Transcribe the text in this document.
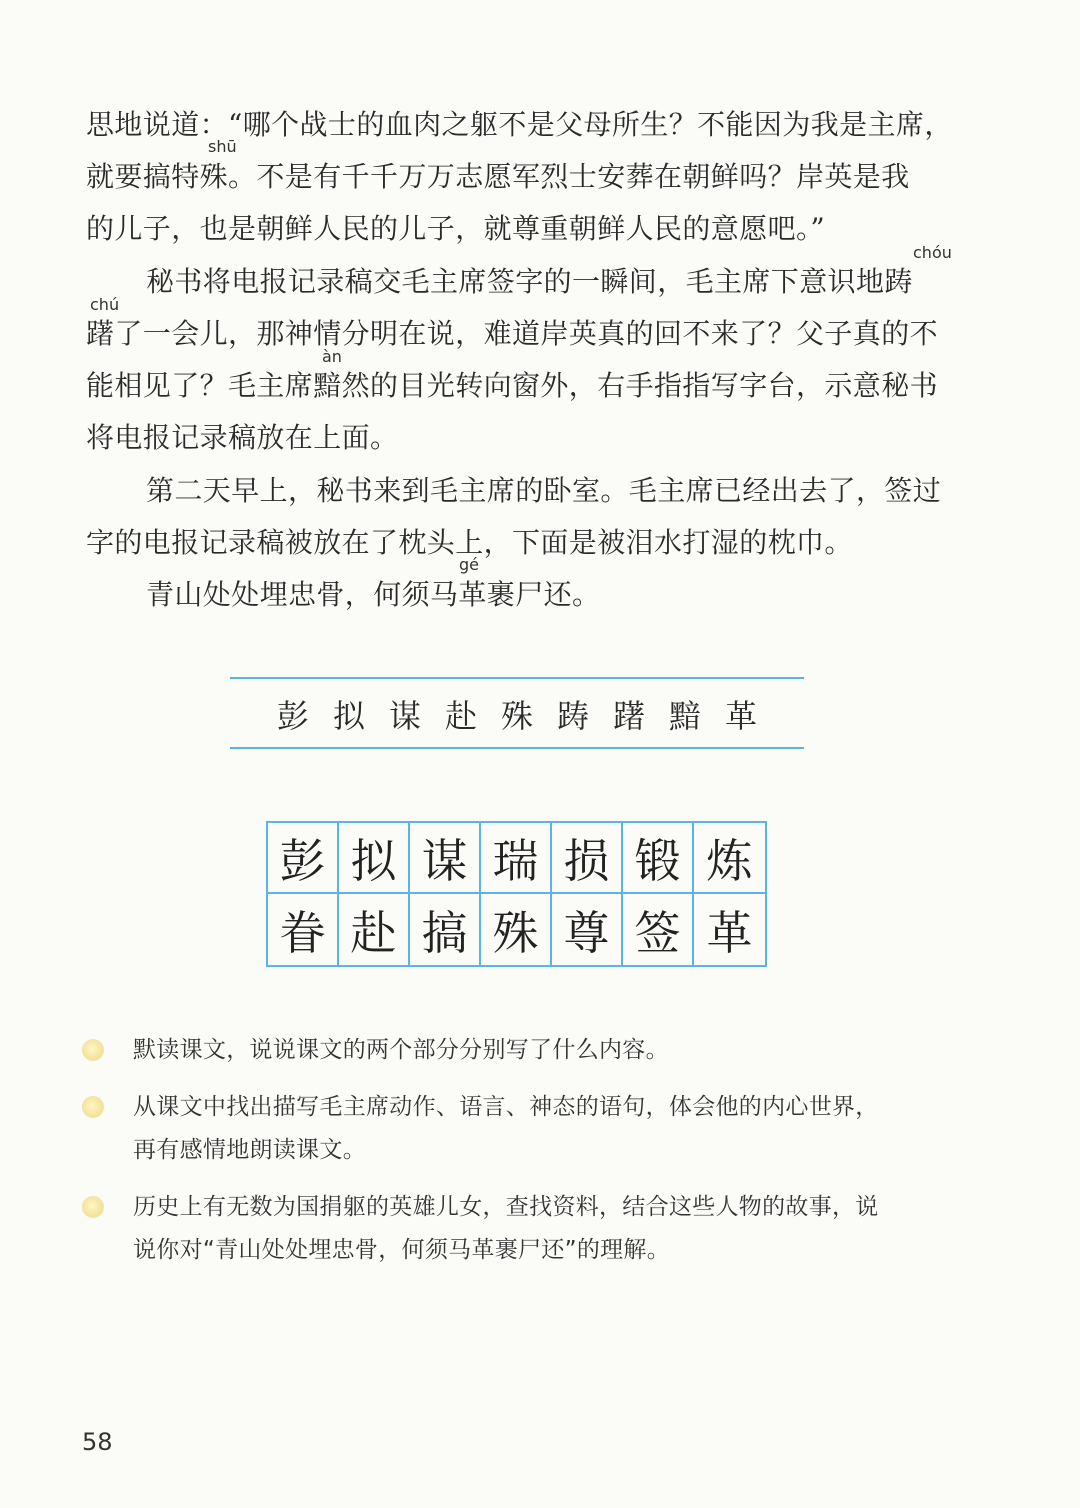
思地说道：“哪个战士的血肉之躯不是父母所生？不能因为我是主席，
shū
就要搞特殊。不是有千千万万志愿军烈士安葬在朝鲜吗？岸英是我
的儿子，也是朝鲜人民的儿子，就尊重朝鲜人民的意愿吧。”
chóu
秘书将电报记录稿交毛主席签字的一瞬间，毛主席下意识地踌
chú
躇了一会儿，那神情分明在说，难道岸英真的回不来了？父子真的不
àn
能相见了？毛主席黯然的目光转向窗外，右手指指写字台，示意秘书
将电报记录稿放在上面。
第二天早上，秘书来到毛主席的卧室。毛主席已经出去了，签过
字的电报记录稿被放在了枕头上，下面是被泪水打湿的枕巾。
gé
青山处处埋忠骨，何须马革裹尸还。
彭 拟 谋 赴 殊 踌 躇 黯 革
彭 拟 谋 瑞 损 锻 炼
眷 赴 搞 殊 尊 签 革
默读课文，说说课文的两个部分分别写了什么内容。
从课文中找出描写毛主席动作、语言、神态的语句，体会他的内心世界，
再有感情地朗读课文。
历史上有无数为国捐躯的英雄儿女，查找资料，结合这些人物的故事，说
说你对“青山处处埋忠骨，何须马革裹尸还”的理解。
58
